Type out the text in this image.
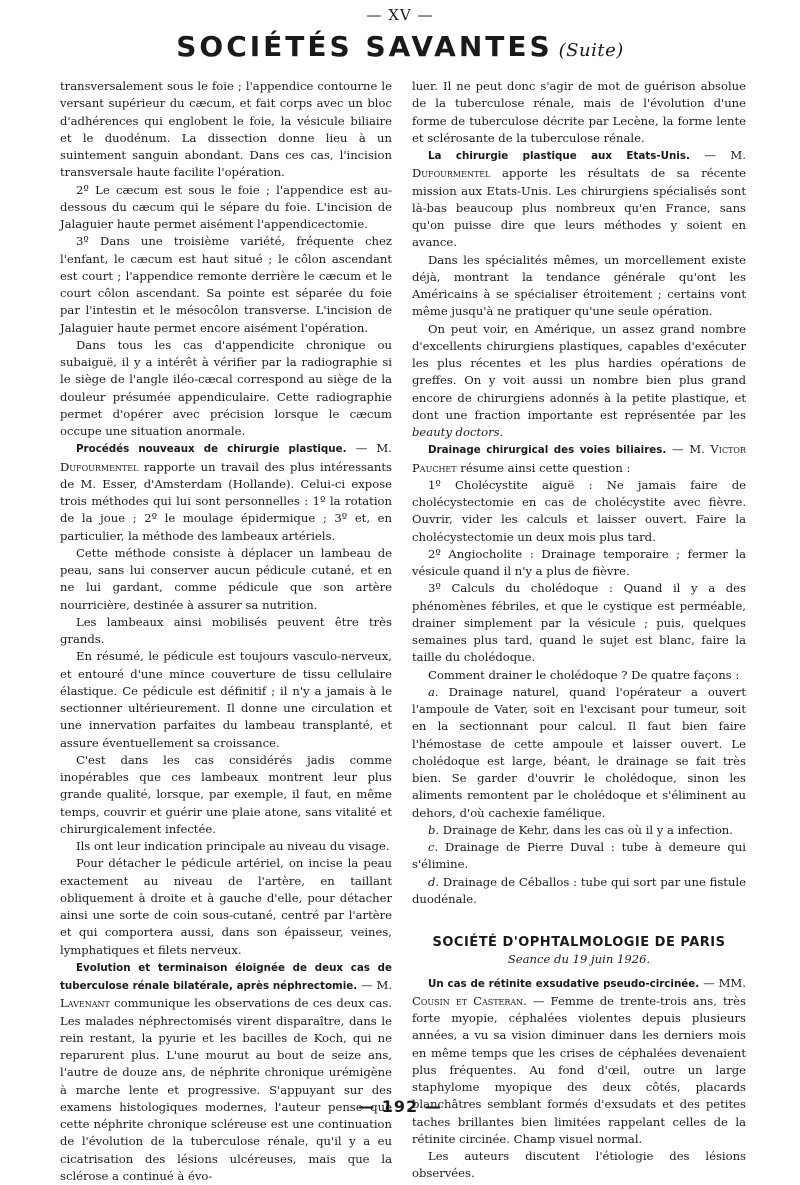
— XV —
SOCIÉTÉS SAVANTES (Suite)

transversalement sous le foie ; l'appendice contourne le versant supérieur du cæcum, et fait corps avec un bloc d'adhérences qui englobent le foie, la vésicule biliaire et le duodénum. La dissection donne lieu à un suintement sanguin abondant. Dans ces cas, l'incision transversale haute facilite l'opération.

2º Le cæcum est sous le foie ; l'appendice est au-dessous du cæcum qui le sépare du foie. L'incision de Jalaguier haute permet aisément l'appendicectomie.

3º Dans une troisième variété, fréquente chez l'enfant, le cæcum est haut situé ; le côlon ascendant est court ; l'appendice remonte derrière le cæcum et le court côlon ascendant. Sa pointe est séparée du foie par l'intestin et le mésocôlon transverse. L'incision de Jalaguier haute permet encore aisément l'opération.

Dans tous les cas d'appendicite chronique ou subaiguë, il y a intérêt à vérifier par la radiographie si le siège de l'angle iléo-cæcal correspond au siège de la douleur présumée appendiculaire. Cette radiographie permet d'opérer avec précision lorsque le cæcum occupe une situation anormale.

Procédés nouveaux de chirurgie plastique. — M. Dufourmentel rapporte un travail des plus intéressants de M. Esser, d'Amsterdam (Hollande). Celui-ci expose trois méthodes qui lui sont personnelles : 1º la rotation de la joue ; 2º le moulage épidermique ; 3º et, en particulier, la méthode des lambeaux artériels.

Cette méthode consiste à déplacer un lambeau de peau, sans lui conserver aucun pédicule cutané, et en ne lui gardant, comme pédicule que son artère nourricière, destinée à assurer sa nutrition.

Les lambeaux ainsi mobilisés peuvent être très grands.

En résumé, le pédicule est toujours vasculo-nerveux, et entouré d'une mince couverture de tissu cellulaire élastique. Ce pédicule est définitif ; il n'y a jamais à le sectionner ultérieurement. Il donne une circulation et une innervation parfaites du lambeau transplanté, et assure éventuellement sa croissance.

C'est dans les cas considérés jadis comme inopérables que ces lambeaux montrent leur plus grande qualité, lorsque, par exemple, il faut, en même temps, couvrir et guérir une plaie atone, sans vitalité et chirurgicalement infectée.

Ils ont leur indication principale au niveau du visage.

Pour détacher le pédicule artériel, on incise la peau exactement au niveau de l'artère, en taillant obliquement à droite et à gauche d'elle, pour détacher ainsi une sorte de coin sous-cutané, centré par l'artère et qui comportera aussi, dans son épaisseur, veines, lymphatiques et filets nerveux.

Evolution et terminaison éloignée de deux cas de tuberculose rénale bilatérale, après néphrectomie. — M. Lavenant communique les observations de ces deux cas. Les malades néphrectomisés virent disparaître, dans le rein restant, la pyurie et les bacilles de Koch, qui ne reparurent plus. L'une mourut au bout de seize ans, l'autre de douze ans, de néphrite chronique urémigène à marche lente et progressive. S'appuyant sur des examens histologiques modernes, l'auteur pense que cette néphrite chronique scléreuse est une continuation de l'évolution de la tuberculose rénale, qu'il y a eu cicatrisation des lésions ulcéreuses, mais que la sclérose a continué à évo-

luer. Il ne peut donc s'agir de mot de guérison absolue de la tuberculose rénale, mais de l'évolution d'une forme de tuberculose décrite par Lecène, la forme lente et sclérosante de la tuberculose rénale.

La chirurgie plastique aux Etats-Unis. — M. Dufourmentel apporte les résultats de sa récente mission aux Etats-Unis. Les chirurgiens spécialisés sont là-bas beaucoup plus nombreux qu'en France, sans qu'on puisse dire que leurs méthodes y soient en avance.

Dans les spécialités mêmes, un morcellement existe déjà, montrant la tendance générale qu'ont les Américains à se spécialiser étroitement ; certains vont même jusqu'à ne pratiquer qu'une seule opération.

On peut voir, en Amérique, un assez grand nombre d'excellents chirurgiens plastiques, capables d'exécuter les plus récentes et les plus hardies opérations de greffes. On y voit aussi un nombre bien plus grand encore de chirurgiens adonnés à la petite plastique, et dont une fraction importante est représentée par les beauty doctors.

Drainage chirurgical des voies biliaires. — M. Victor Pauchet résume ainsi cette question :

1º Cholécystite aiguë : Ne jamais faire de cholécystectomie en cas de cholécystite avec fièvre. Ouvrir, vider les calculs et laisser ouvert. Faire la cholécystectomie un deux mois plus tard.

2º Angiocholite : Drainage temporaire ; fermer la vésicule quand il n'y a plus de fièvre.

3º Calculs du cholédoque : Quand il y a des phénomènes fébriles, et que le cystique est perméable, drainer simplement par la vésicule ; puis, quelques semaines plus tard, quand le sujet est blanc, faire la taille du cholédoque.

Comment drainer le cholédoque ? De quatre façons :

a. Drainage naturel, quand l'opérateur a ouvert l'ampoule de Vater, soit en l'excisant pour tumeur, soit en la sectionnant pour calcul. Il faut bien faire l'hémostase de cette ampoule et laisser ouvert. Le cholédoque est large, béant, le drainage se fait très bien. Se garder d'ouvrir le cholédoque, sinon les aliments remontent par le cholédoque et s'éliminent au dehors, d'où cachexie famélique.

b. Drainage de Kehr, dans les cas où il y a infection.

c. Drainage de Pierre Duval : tube à demeure qui s'élimine.

d. Drainage de Céballos : tube qui sort par une fistule duodénale.

SOCIÉTÉ D'OPHTALMOLOGIE DE PARIS
Seance du 19 juin 1926.

Un cas de rétinite exsudative pseudo-circinée. — MM. Cousin et Casteran. — Femme de trente-trois ans, très forte myopie, céphalées violentes depuis plusieurs années, a vu sa vision diminuer dans les derniers mois en même temps que les crises de céphalées devenaient plus fréquentes. Au fond d'œil, outre un large staphylome myopique des deux côtés, placards blanchâtres semblant formés d'exsudats et des petites taches brillantes bien limitées rappelant celles de la rétinite circinée. Champ visuel normal.

Les auteurs discutent l'étiologie des lésions observées.

— 192 —
